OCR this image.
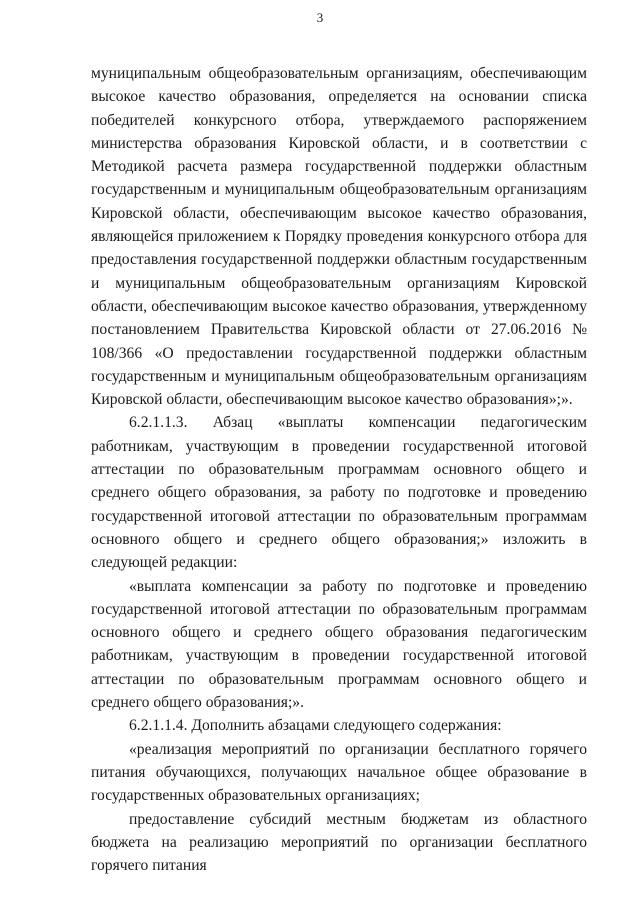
3

муниципальным общеобразовательным организациям, обеспечивающим высокое качество образования, определяется на основании списка победителей конкурсного отбора, утверждаемого распоряжением министерства образования Кировской области, и в соответствии с Методикой расчета размера государственной поддержки областным государственным и муниципальным общеобразовательным организациям Кировской области, обеспечивающим высокое качество образования, являющейся приложением к Порядку проведения конкурсного отбора для предоставления государственной поддержки областным государственным и муниципальным общеобразовательным организациям Кировской области, обеспечивающим высокое качество образования, утвержденному постановлением Правительства Кировской области от 27.06.2016 № 108/366 «О предоставлении государственной поддержки областным государственным и муниципальным общеобразовательным организациям Кировской области, обеспечивающим высокое качество образования»;».

6.2.1.1.3. Абзац «выплаты компенсации педагогическим работникам, участвующим в проведении государственной итоговой аттестации по образовательным программам основного общего и среднего общего образования, за работу по подготовке и проведению государственной итоговой аттестации по образовательным программам основного общего и среднего общего образования;» изложить в следующей редакции:

«выплата компенсации за работу по подготовке и проведению государственной итоговой аттестации по образовательным программам основного общего и среднего общего образования педагогическим работникам, участвующим в проведении государственной итоговой аттестации по образовательным программам основного общего и среднего общего образования;».

6.2.1.1.4. Дополнить абзацами следующего содержания:

«реализация мероприятий по организации бесплатного горячего питания обучающихся, получающих начальное общее образование в государственных образовательных организациях;

предоставление субсидий местным бюджетам из областного бюджета на реализацию мероприятий по организации бесплатного горячего питания
